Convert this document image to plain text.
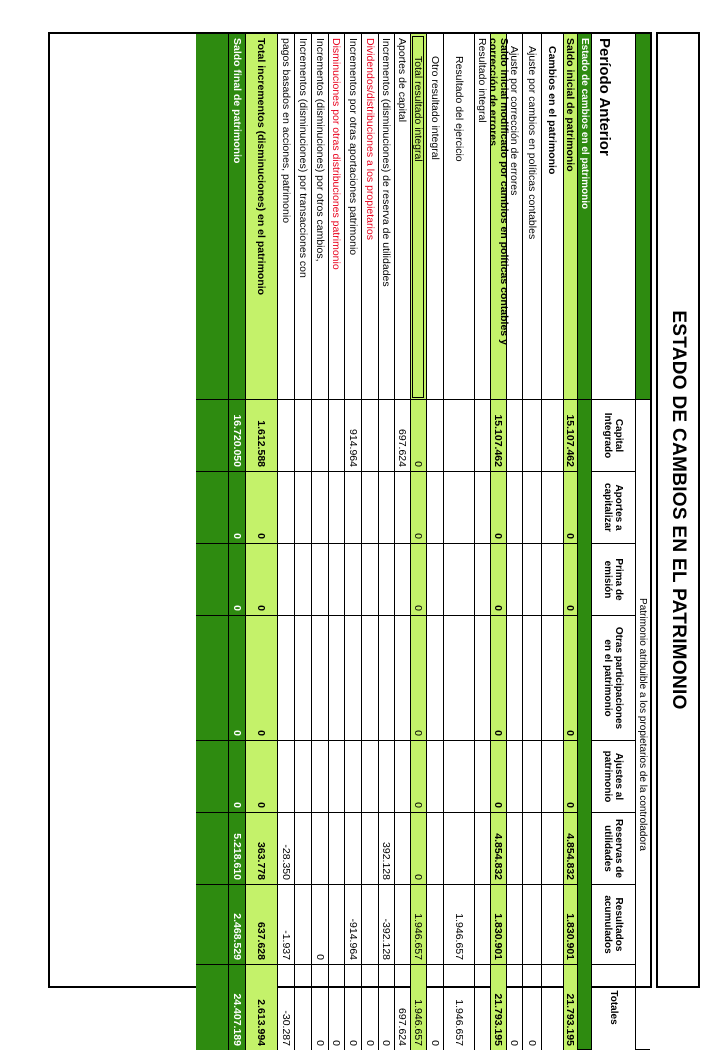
ESTADO DE CAMBIOS EN EL PATRIMONIO
Patrimonio atribuible a los propietarios de la controladora
Período Anterior
Capital Integrado
Aportes a capitalizar
Prima de emisión
Otras participaciones en el patrimonio
Ajustes al patrimonio
Reservas de utilidades
Resultados acumulados
Totales
Estado de cambios en el patrimonio
Saldo inicial de patrimonio
15.107.462
0
0
0
0
4.854.832
1.830.901
21.793.195
Cambios en el patrimonio
Ajuste por cambios en políticas contables
0
Ajuste por corrección de errores
0
Saldo inicial modificado por cambios en políticas contables y corrección de errores
15.107.462
0
0
0
0
4.854.832
1.830.901
21.793.195
Resultado integral
Resultado del ejercicio
1.946.657
1.946.657
Otro resultado integral
0
Total resultado integral
0
0
0
0
0
0
1.946.657
1.946.657
Aportes de capital
697.624
697.624
Incrementos (disminuciones) de reserva de utilidades
392.128
-392.128
0
Dividendos/distribuciones a los propietarios
0
Incrementos por otras aportaciones patrimonio
914.964
-914.964
0
Disminuciones por otras distribuciones patrimonio
0
Incrementos (disminuciones) por otros cambios,
0
0
Incrementos (disminuciones) por transacciones con
pagos basados en acciones, patrimonio
-28.350
-1.937
-30.287
Total incrementos (disminuciones) en el patrimonio
1.612.588
0
0
0
0
363.778
637.628
2.613.994
Saldo final de patrimonio
16.720.050
0
0
0
0
5.218.610
2.468.529
24.407.189
